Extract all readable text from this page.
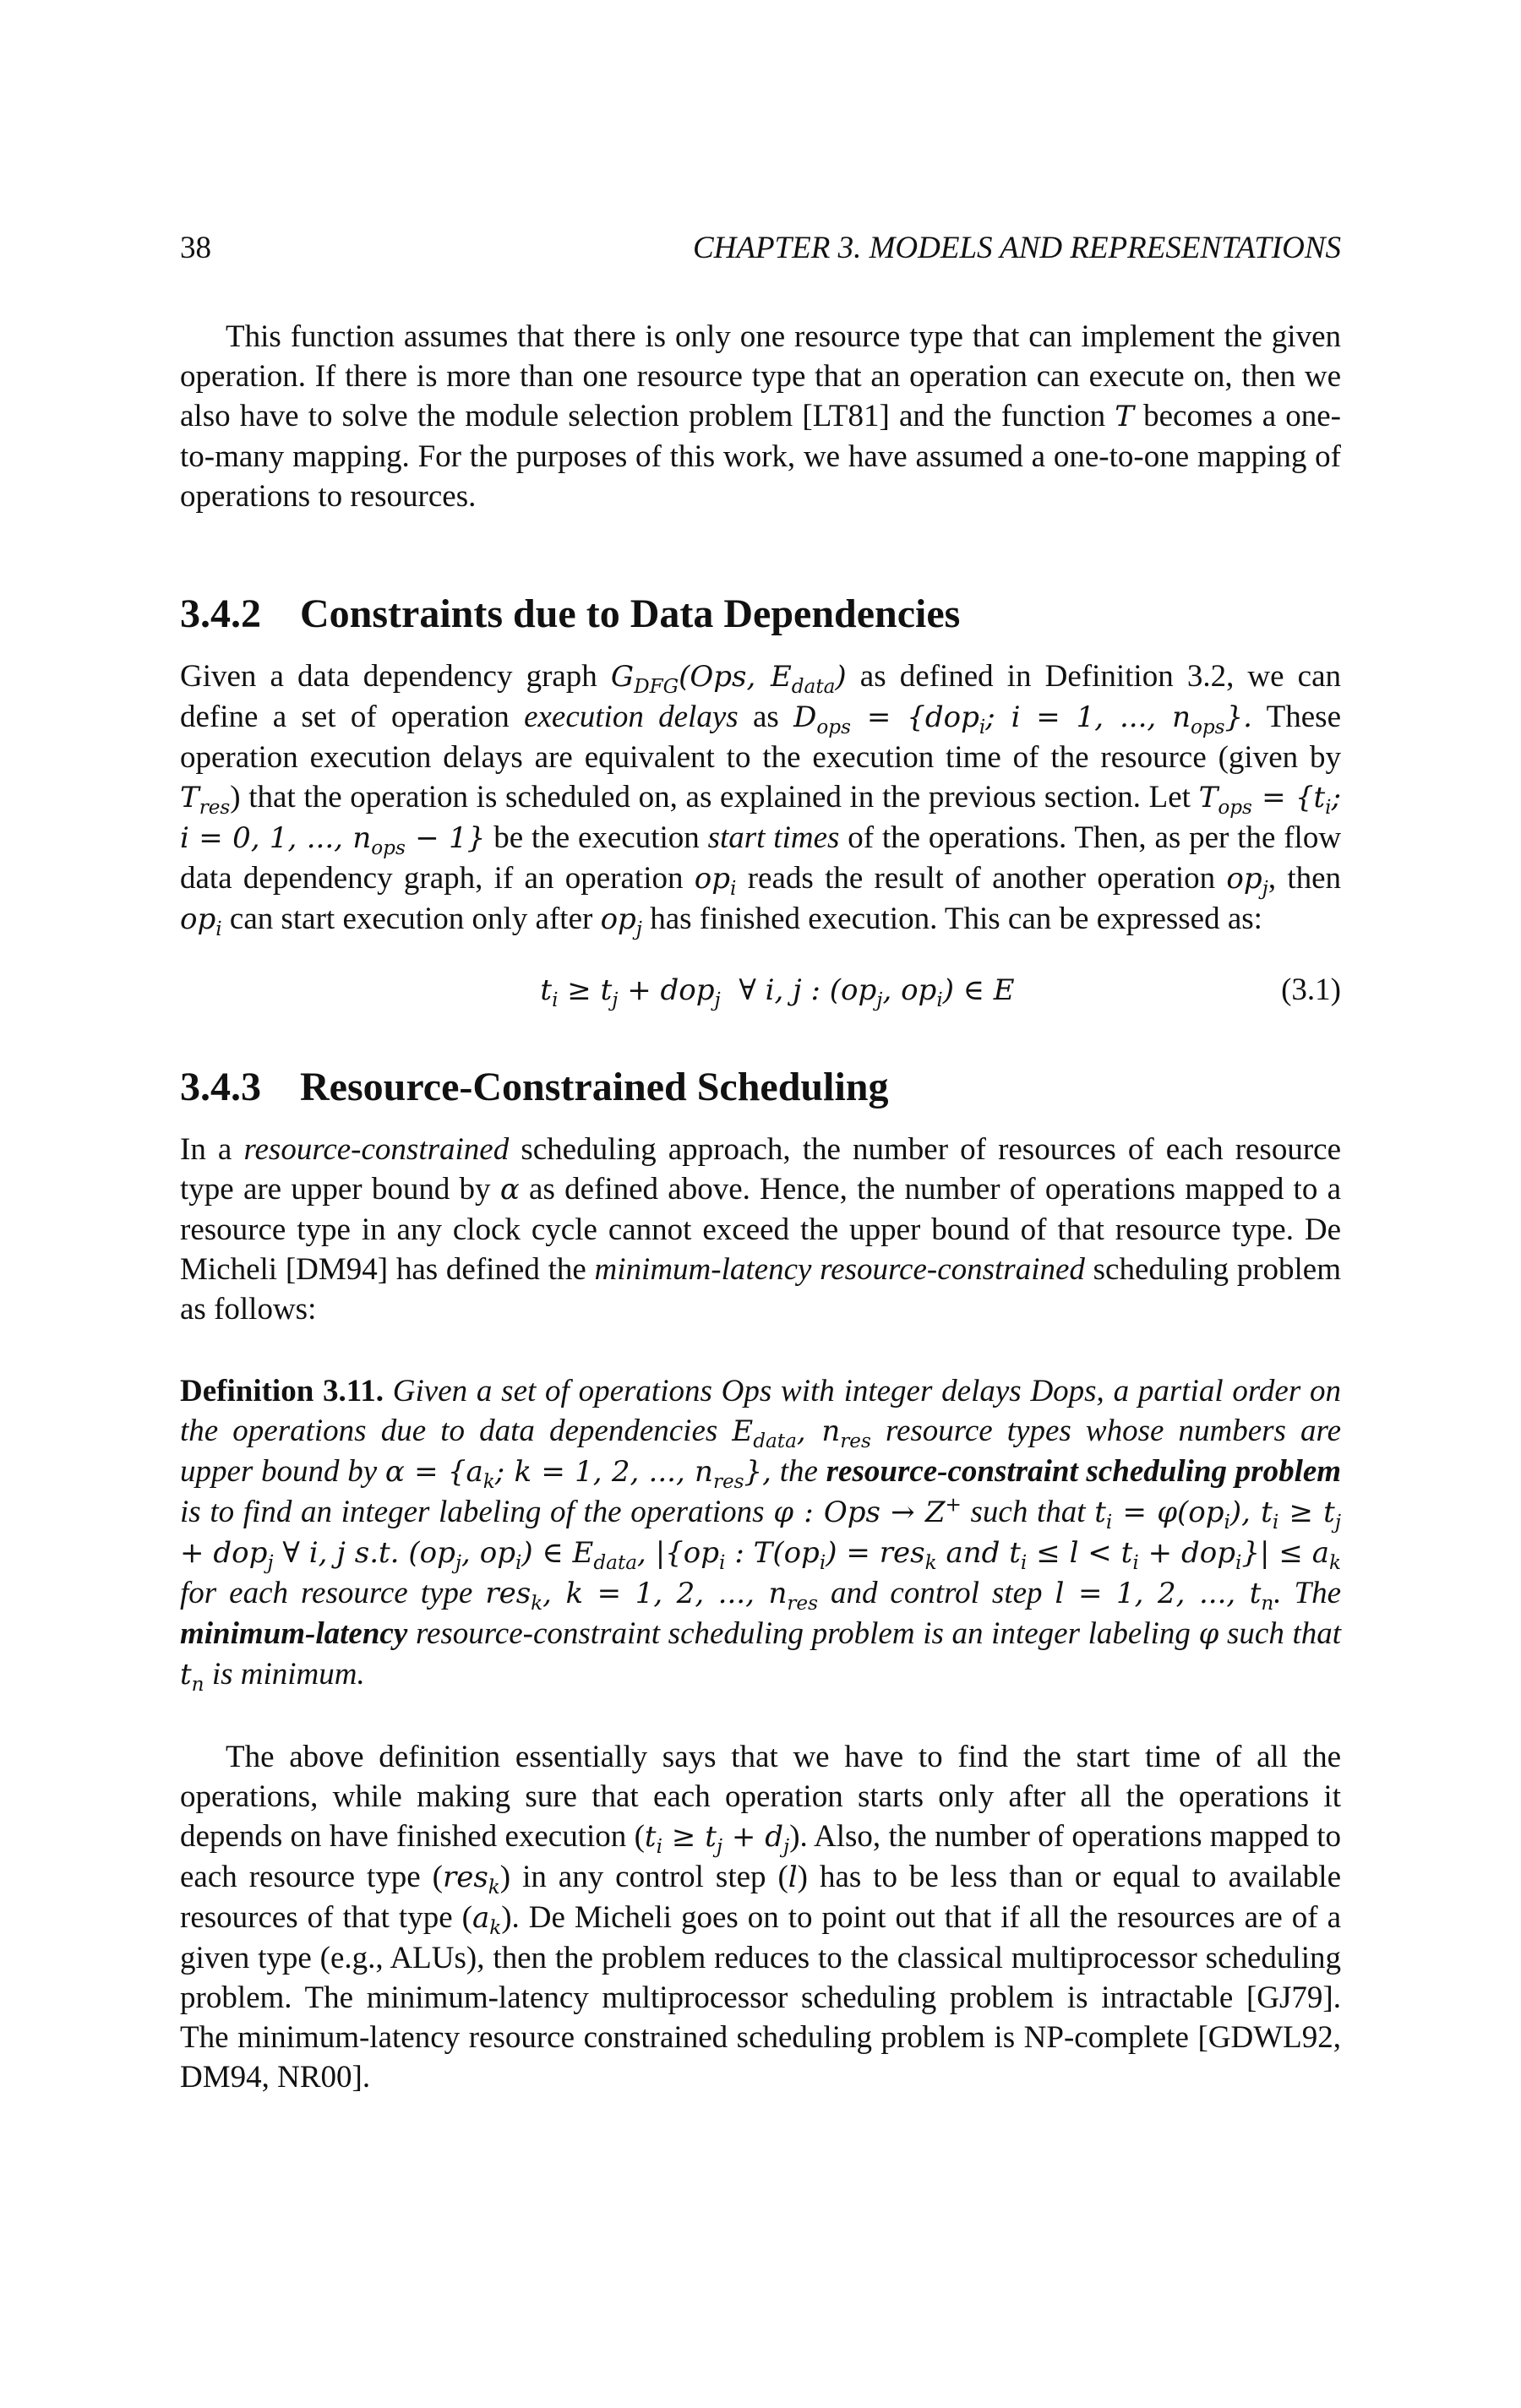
38	CHAPTER 3. MODELS AND REPRESENTATIONS

This function assumes that there is only one resource type that can implement the given operation. If there is more than one resource type that an operation can execute on, then we also have to solve the module selection problem [LT81] and the function T becomes a one-to-many mapping. For the purposes of this work, we have assumed a one-to-one mapping of operations to resources.

3.4.2 Constraints due to Data Dependencies

Given a data dependency graph $G_{DFG}(Ops$, $E_{data}$) as defined in Definition 3.2, we can define a set of operation execution delays as $D_{ops} = \{dop_i$; i = 1, ..., $n_{ops}$}. These operation execution delays are equivalent to the execution time of the resource (given by $T_{res}$) that the operation is scheduled on, as explained in the previous section. Let $T_{ops} = \{t_i$; i = 0, 1, ..., $n_{ops} - 1$} be the execution start times of the operations. Then, as per the flow data dependency graph, if an operation $op_i$ reads the result of another operation $op_j$, then $op_i$ can start execution only after $op_j$ has finished execution. This can be expressed as:

$t_i \ge t_j + dop_j$ ∀ i, j : ($op_j$, $op_i$) ∈ E	(3.1)
3.4.3 Resource-Constrained Scheduling

In a resource-constrained scheduling approach, the number of resources of each resource type are upper bound by α as defined above. Hence, the number of operations mapped to a resource type in any clock cycle cannot exceed the upper bound of that resource type. De Micheli [DM94] has defined the minimum-latency resource-constrained scheduling problem as follows:

Definition 3.11. Given a set of operations Ops with integer delays Dops, a partial order on the operations due to data dependencies $E_{data}$, $n_{res}$ resource types whose numbers are upper bound by $\alpha = \{a_k$; k = 1, 2, ..., $n_{res}$}, the resource-constraint scheduling problem is to find an integer labeling of the operations φ : Ops → Z+ such that $t_i = \varphi(op_i)$, $t_i \ge t_j + dop_j$ ∀ i, j s.t. ($op_j$, $op_i$) ∈ $E_{data}$, $|\{op_i$ : $T(op_i) = res_k$ and $t_i \le l < t_i + dop_i\}| \le a_k$ for each resource type res$_k$, k = 1, 2, ..., $n_{res}$ and control step l = 1, 2, ..., $t_n$. The minimum-latency resource-constraint scheduling problem is an integer labeling φ such that $t_n$ is minimum.

The above definition essentially says that we have to find the start time of all the operations, while making sure that each operation starts only after all the operations it depends on have finished execution $(t_i \ge t_j + d_j)$. Also, the number of operations mapped to each resource type (res$_k$) in any control step (l) has to be less than or equal to available resources of that type $(a_k)$. De Micheli goes on to point out that if all the resources are of a given type (e.g., ALUs), then the problem reduces to the classical multiprocessor scheduling problem. The minimum-latency multiprocessor scheduling problem is intractable [GJ79]. The minimum-latency resource constrained scheduling problem is NP-complete [GDWL92, DM94, NR00].
